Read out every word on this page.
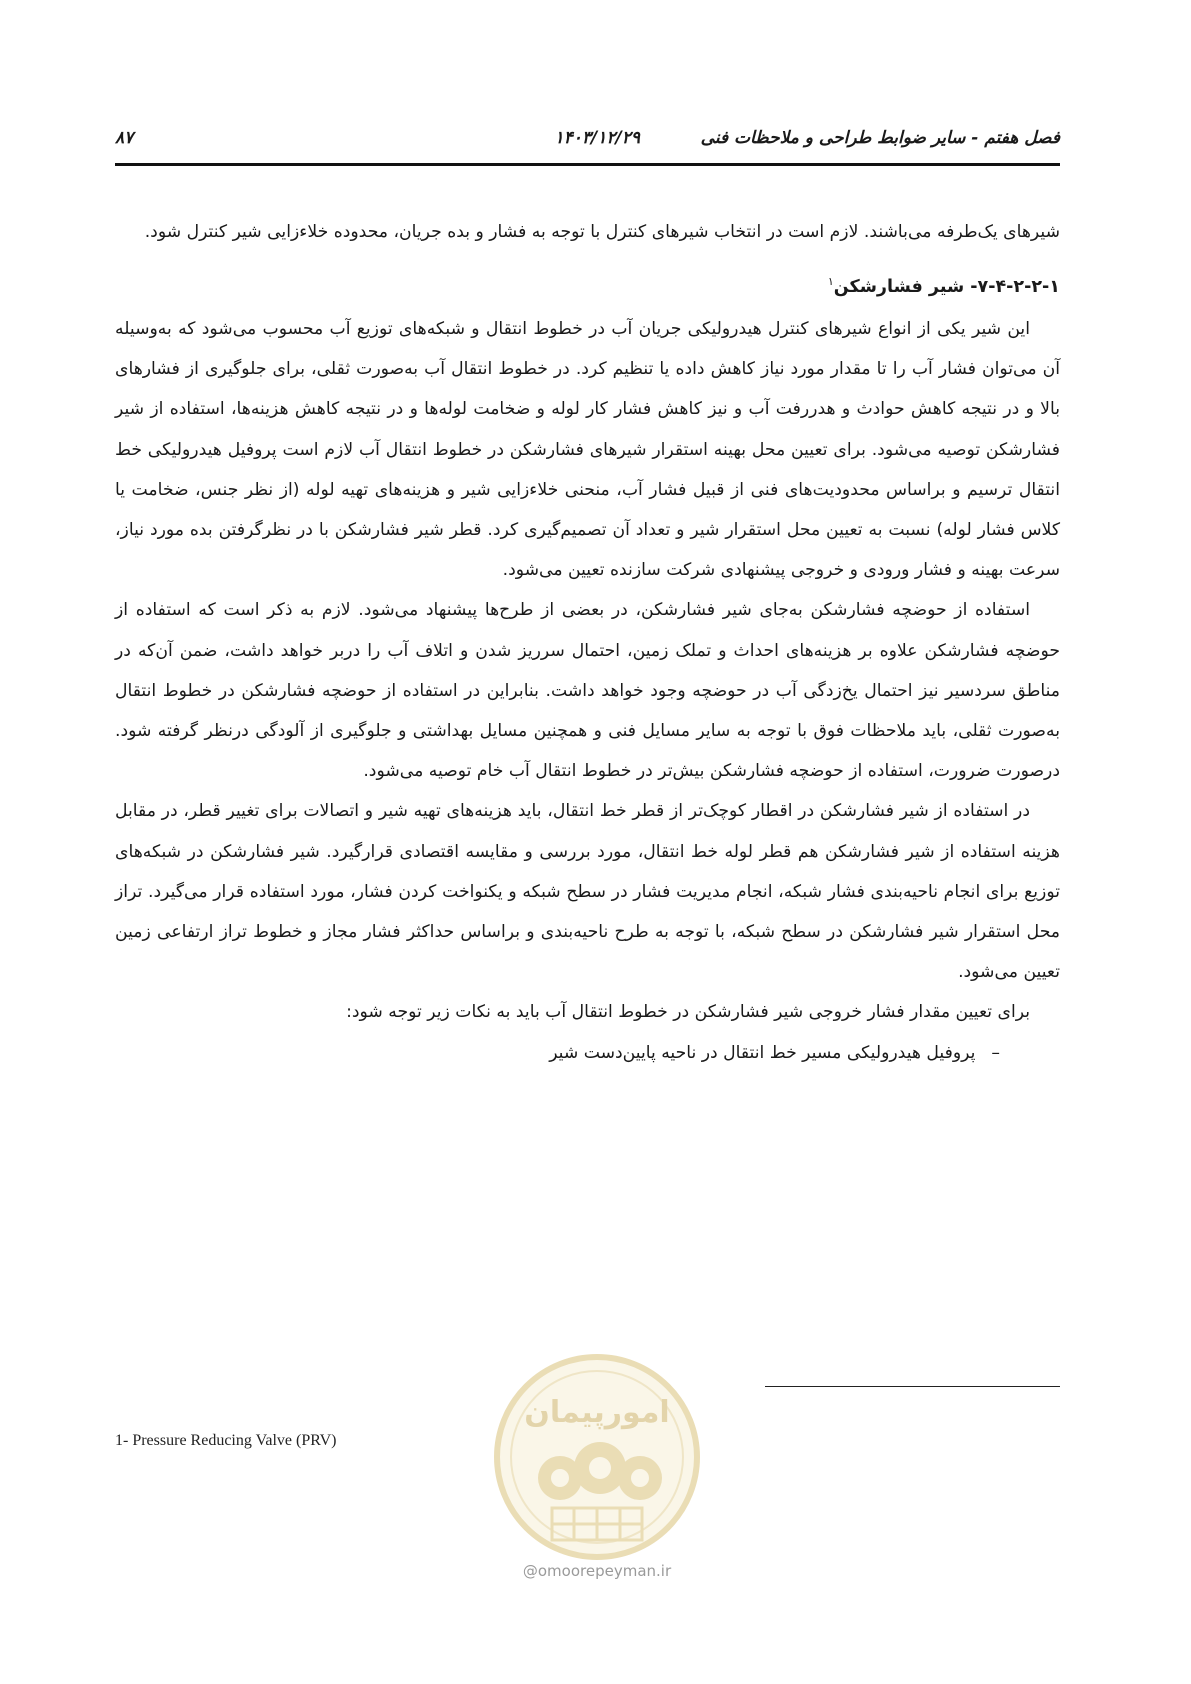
فصل هفتم - سایر ضوابط طراحی و ملاحظات فنی
۱۴۰۳/۱۲/۲۹
۸۷

شیرهای یک‌طرفه می‌باشند. لازم است در انتخاب شیرهای کنترل با توجه به فشار و بده جریان، محدوده خلاءزایی شیر کنترل شود.

۷-۴-۲-۲-۱- شیر فشارشکن$^۱$

این شیر یکی از انواع شیرهای کنترل هیدرولیکی جریان آب در خطوط انتقال و شبکه‌های توزیع آب محسوب می‌شود که به‌وسیله آن می‌توان فشار آب را تا مقدار مورد نیاز کاهش داده یا تنظیم کرد. در خطوط انتقال آب به‌صورت ثقلی، برای جلوگیری از فشارهای بالا و در نتیجه کاهش حوادث و هدررفت آب و نیز کاهش فشار کار لوله و ضخامت لوله‌ها و در نتیجه کاهش هزینه‌ها، استفاده از شیر فشارشکن توصیه می‌شود. برای تعیین محل بهینه استقرار شیرهای فشارشکن در خطوط انتقال آب لازم است پروفیل هیدرولیکی خط انتقال ترسیم و براساس محدودیت‌های فنی از قبیل فشار آب، منحنی خلاءزایی شیر و هزینه‌های تهیه لوله (از نظر جنس، ضخامت یا کلاس فشار لوله) نسبت به تعیین محل استقرار شیر و تعداد آن تصمیم‌گیری کرد. قطر شیر فشارشکن با در نظرگرفتن بده مورد نیاز، سرعت بهینه و فشار ورودی و خروجی پیشنهادی شرکت سازنده تعیین می‌شود.

استفاده از حوضچه فشارشکن به‌جای شیر فشارشکن، در بعضی از طرح‌ها پیشنهاد می‌شود. لازم به ذکر است که استفاده از حوضچه فشارشکن علاوه بر هزینه‌های احداث و تملک زمین، احتمال سرریز شدن و اتلاف آب را دربر خواهد داشت، ضمن آن‌که در مناطق سردسیر نیز احتمال یخ‌زدگی آب در حوضچه وجود خواهد داشت. بنابراین در استفاده از حوضچه فشارشکن در خطوط انتقال به‌صورت ثقلی، باید ملاحظات فوق با توجه به سایر مسایل فنی و همچنین مسایل بهداشتی و جلوگیری از آلودگی درنظر گرفته شود. درصورت ضرورت، استفاده از حوضچه فشارشکن بیش‌تر در خطوط انتقال آب خام توصیه می‌شود.

در استفاده از شیر فشارشکن در اقطار کوچک‌تر از قطر خط انتقال، باید هزینه‌های تهیه شیر و اتصالات برای تغییر قطر، در مقابل هزینه استفاده از شیر فشارشکن هم قطر لوله خط انتقال، مورد بررسی و مقایسه اقتصادی قرارگیرد. شیر فشارشکن در شبکه‌های توزیع برای انجام ناحیه‌بندی فشار شبکه، انجام مدیریت فشار در سطح شبکه و یکنواخت کردن فشار، مورد استفاده قرار می‌گیرد. تراز محل استقرار شیر فشارشکن در سطح شبکه، با توجه به طرح ناحیه‌بندی و براساس حداکثر فشار مجاز و خطوط تراز ارتفاعی زمین تعیین می‌شود.

برای تعیین مقدار فشار خروجی شیر فشارشکن در خطوط انتقال آب باید به نکات زیر توجه شود:

–پروفیل هیدرولیکی مسیر خط انتقال در ناحیه پایین‌دست شیر
1- Pressure Reducing Valve (PRV)
امورپیمان
@omoorepeyman.ir
